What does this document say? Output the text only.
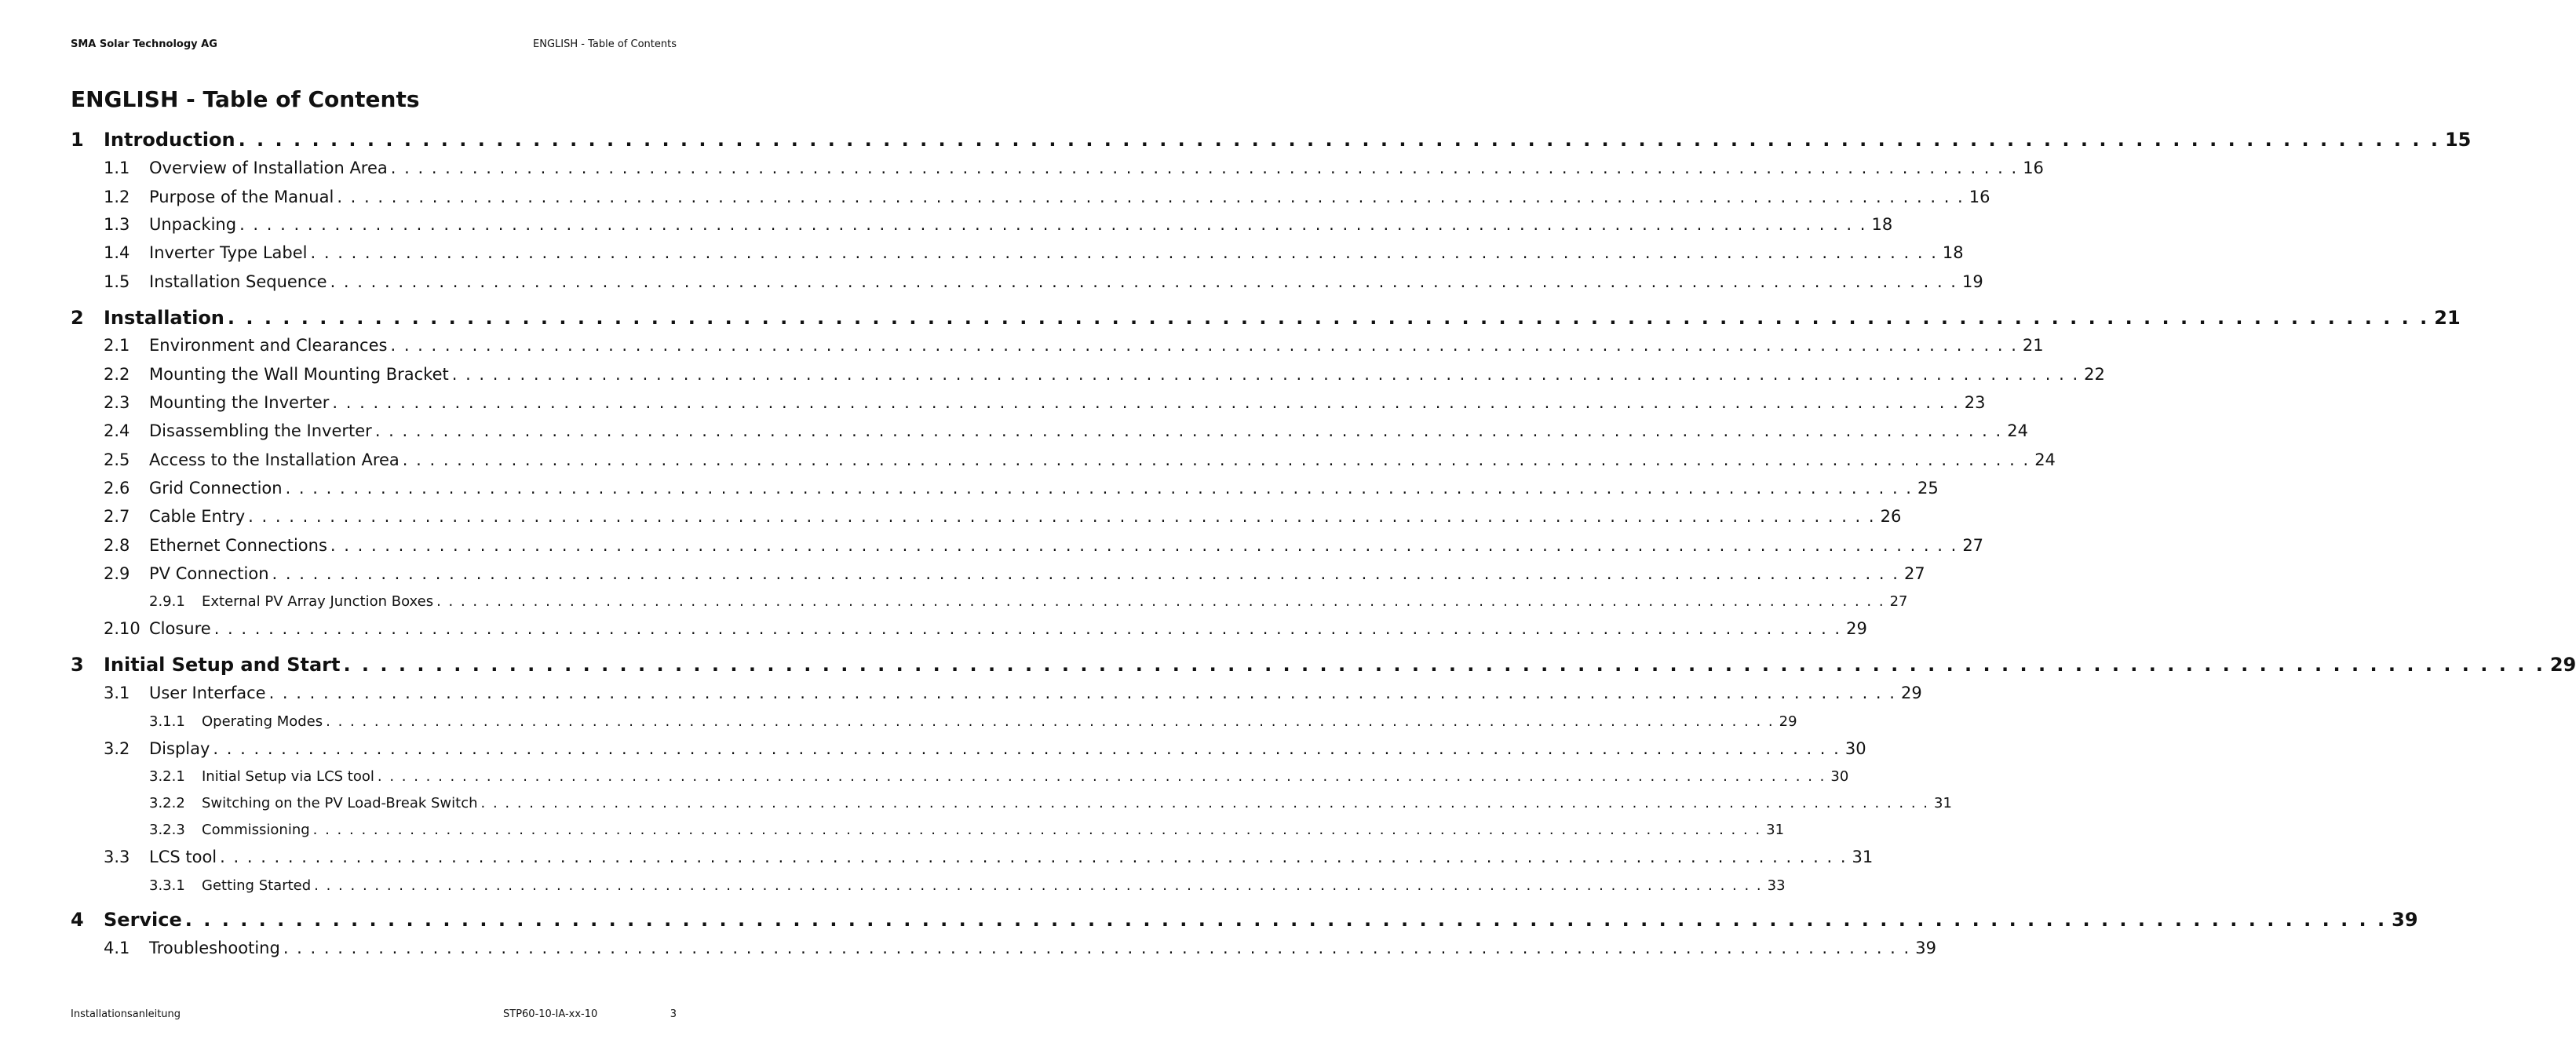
SMA Solar Technology AG	ENGLISH - Table of Contents
ENGLISH - Table of Contents
1	Introduction . . . . . . . . . . . . . . . . . . . . . . . . . . . . . . . . . . . . . . . . . . . . . . . . . . . . . . . . . . . . . . . . . . . . . . . . . . . . . . . . . . . . . . . . . . . . . . . . . . . . . . . . . . . . . . . . . . . . . . . . 15
1.1	Overview of Installation Area . . . . . . . . . . . . . . . . . . . . . . . . . . . . . . . . . . . . . . . . . . . . . . . . . . . . . . . . . . . . . . . . . . . . . . . . . . . . . . . . . . . . . . . . . . . . . . . . . . . . . . . . . . . . . . . . . . . . . . . . 16
1.2	Purpose of the Manual . . . . . . . . . . . . . . . . . . . . . . . . . . . . . . . . . . . . . . . . . . . . . . . . . . . . . . . . . . . . . . . . . . . . . . . . . . . . . . . . . . . . . . . . . . . . . . . . . . . . . . . . . . . . . . . . . . . . . . . . 16
1.3	Unpacking . . . . . . . . . . . . . . . . . . . . . . . . . . . . . . . . . . . . . . . . . . . . . . . . . . . . . . . . . . . . . . . . . . . . . . . . . . . . . . . . . . . . . . . . . . . . . . . . . . . . . . . . . . . . . . . . . . . . . . . . 18
1.4	Inverter Type Label . . . . . . . . . . . . . . . . . . . . . . . . . . . . . . . . . . . . . . . . . . . . . . . . . . . . . . . . . . . . . . . . . . . . . . . . . . . . . . . . . . . . . . . . . . . . . . . . . . . . . . . . . . . . . . . . . . . . . . . . 18
1.5	Installation Sequence . . . . . . . . . . . . . . . . . . . . . . . . . . . . . . . . . . . . . . . . . . . . . . . . . . . . . . . . . . . . . . . . . . . . . . . . . . . . . . . . . . . . . . . . . . . . . . . . . . . . . . . . . . . . . . . . . . . . . . . . 19
2	Installation . . . . . . . . . . . . . . . . . . . . . . . . . . . . . . . . . . . . . . . . . . . . . . . . . . . . . . . . . . . . . . . . . . . . . . . . . . . . . . . . . . . . . . . . . . . . . . . . . . . . . . . . . . . . . . . . . . . . . . . . 21
2.1	Environment and Clearances . . . . . . . . . . . . . . . . . . . . . . . . . . . . . . . . . . . . . . . . . . . . . . . . . . . . . . . . . . . . . . . . . . . . . . . . . . . . . . . . . . . . . . . . . . . . . . . . . . . . . . . . . . . . . . . . . . . . . . . . 21
2.2	Mounting the Wall Mounting Bracket . . . . . . . . . . . . . . . . . . . . . . . . . . . . . . . . . . . . . . . . . . . . . . . . . . . . . . . . . . . . . . . . . . . . . . . . . . . . . . . . . . . . . . . . . . . . . . . . . . . . . . . . . . . . . . . . . . . . . . . . 22
2.3	Mounting the Inverter . . . . . . . . . . . . . . . . . . . . . . . . . . . . . . . . . . . . . . . . . . . . . . . . . . . . . . . . . . . . . . . . . . . . . . . . . . . . . . . . . . . . . . . . . . . . . . . . . . . . . . . . . . . . . . . . . . . . . . . . 23
2.4	Disassembling the Inverter . . . . . . . . . . . . . . . . . . . . . . . . . . . . . . . . . . . . . . . . . . . . . . . . . . . . . . . . . . . . . . . . . . . . . . . . . . . . . . . . . . . . . . . . . . . . . . . . . . . . . . . . . . . . . . . . . . . . . . . . 24
2.5	Access to the Installation Area . . . . . . . . . . . . . . . . . . . . . . . . . . . . . . . . . . . . . . . . . . . . . . . . . . . . . . . . . . . . . . . . . . . . . . . . . . . . . . . . . . . . . . . . . . . . . . . . . . . . . . . . . . . . . . . . . . . . . . . . 24
2.6	Grid Connection . . . . . . . . . . . . . . . . . . . . . . . . . . . . . . . . . . . . . . . . . . . . . . . . . . . . . . . . . . . . . . . . . . . . . . . . . . . . . . . . . . . . . . . . . . . . . . . . . . . . . . . . . . . . . . . . . . . . . . . . 25
2.7	Cable Entry . . . . . . . . . . . . . . . . . . . . . . . . . . . . . . . . . . . . . . . . . . . . . . . . . . . . . . . . . . . . . . . . . . . . . . . . . . . . . . . . . . . . . . . . . . . . . . . . . . . . . . . . . . . . . . . . . . . . . . . . 26
2.8	Ethernet Connections . . . . . . . . . . . . . . . . . . . . . . . . . . . . . . . . . . . . . . . . . . . . . . . . . . . . . . . . . . . . . . . . . . . . . . . . . . . . . . . . . . . . . . . . . . . . . . . . . . . . . . . . . . . . . . . . . . . . . . . . 27
2.9	PV Connection . . . . . . . . . . . . . . . . . . . . . . . . . . . . . . . . . . . . . . . . . . . . . . . . . . . . . . . . . . . . . . . . . . . . . . . . . . . . . . . . . . . . . . . . . . . . . . . . . . . . . . . . . . . . . . . . . . . . . . . . 27
2.9.1	External PV Array Junction Boxes . . . . . . . . . . . . . . . . . . . . . . . . . . . . . . . . . . . . . . . . . . . . . . . . . . . . . . . . . . . . . . . . . . . . . . . . . . . . . . . . . . . . . . . . . . . . . . . . . . . . . . . . . . . . . . . . . . . . . . . . 27
2.10 Closure . . . . . . . . . . . . . . . . . . . . . . . . . . . . . . . . . . . . . . . . . . . . . . . . . . . . . . . . . . . . . . . . . . . . . . . . . . . . . . . . . . . . . . . . . . . . . . . . . . . . . . . . . . . . . . . . . . . . . . . . 29
3	Initial Setup and Start . . . . . . . . . . . . . . . . . . . . . . . . . . . . . . . . . . . . . . . . . . . . . . . . . . . . . . . . . . . . . . . . . . . . . . . . . . . . . . . . . . . . . . . . . . . . . . . . . . . . . . . . . . . . . . . . . . . . . . . . 29
3.1	User Interface . . . . . . . . . . . . . . . . . . . . . . . . . . . . . . . . . . . . . . . . . . . . . . . . . . . . . . . . . . . . . . . . . . . . . . . . . . . . . . . . . . . . . . . . . . . . . . . . . . . . . . . . . . . . . . . . . . . . . . . . 29
3.1.1	Operating Modes . . . . . . . . . . . . . . . . . . . . . . . . . . . . . . . . . . . . . . . . . . . . . . . . . . . . . . . . . . . . . . . . . . . . . . . . . . . . . . . . . . . . . . . . . . . . . . . . . . . . . . . . . . . . . . . . . . . . . . . . 29
3.2	Display . . . . . . . . . . . . . . . . . . . . . . . . . . . . . . . . . . . . . . . . . . . . . . . . . . . . . . . . . . . . . . . . . . . . . . . . . . . . . . . . . . . . . . . . . . . . . . . . . . . . . . . . . . . . . . . . . . . . . . . . 30
3.2.1	Initial Setup via LCS tool . . . . . . . . . . . . . . . . . . . . . . . . . . . . . . . . . . . . . . . . . . . . . . . . . . . . . . . . . . . . . . . . . . . . . . . . . . . . . . . . . . . . . . . . . . . . . . . . . . . . . . . . . . . . . . . . . . . . . . . . 30
3.2.2	Switching on the PV Load-Break Switch . . . . . . . . . . . . . . . . . . . . . . . . . . . . . . . . . . . . . . . . . . . . . . . . . . . . . . . . . . . . . . . . . . . . . . . . . . . . . . . . . . . . . . . . . . . . . . . . . . . . . . . . . . . . . . . . . . . . . . . . 31
3.2.3	Commissioning . . . . . . . . . . . . . . . . . . . . . . . . . . . . . . . . . . . . . . . . . . . . . . . . . . . . . . . . . . . . . . . . . . . . . . . . . . . . . . . . . . . . . . . . . . . . . . . . . . . . . . . . . . . . . . . . . . . . . . . . 31
3.3	LCS tool . . . . . . . . . . . . . . . . . . . . . . . . . . . . . . . . . . . . . . . . . . . . . . . . . . . . . . . . . . . . . . . . . . . . . . . . . . . . . . . . . . . . . . . . . . . . . . . . . . . . . . . . . . . . . . . . . . . . . . . . 31
3.3.1	Getting Started . . . . . . . . . . . . . . . . . . . . . . . . . . . . . . . . . . . . . . . . . . . . . . . . . . . . . . . . . . . . . . . . . . . . . . . . . . . . . . . . . . . . . . . . . . . . . . . . . . . . . . . . . . . . . . . . . . . . . . . . 33
4	Service . . . . . . . . . . . . . . . . . . . . . . . . . . . . . . . . . . . . . . . . . . . . . . . . . . . . . . . . . . . . . . . . . . . . . . . . . . . . . . . . . . . . . . . . . . . . . . . . . . . . . . . . . . . . . . . . . . . . . . . . 39
4.1	Troubleshooting . . . . . . . . . . . . . . . . . . . . . . . . . . . . . . . . . . . . . . . . . . . . . . . . . . . . . . . . . . . . . . . . . . . . . . . . . . . . . . . . . . . . . . . . . . . . . . . . . . . . . . . . . . . . . . . . . . . . . . . . 39
Installationsanleitung	STP60-10-IA-xx-10	3
